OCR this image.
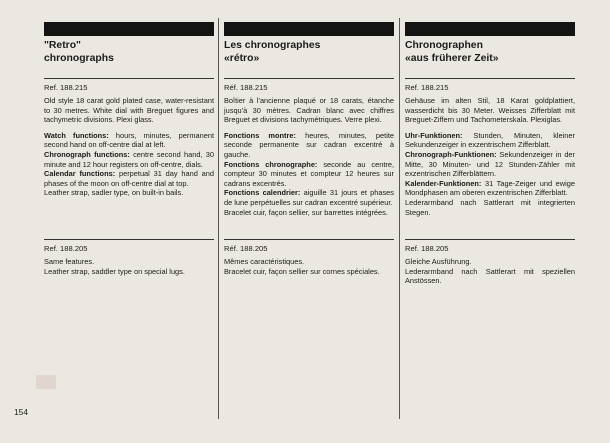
"Retro"
chronographs
Ref. 188.215

Old style 18 carat gold plated case, water-resistant to 30 metres. White dial with Breguet figures and tachymetric divisions. Plexi glass.

Watch functions: hours, minutes, permanent second hand on off-centre dial at left.
Chronograph functions: centre second hand, 30 minute and 12 hour registers on off-centre, dials.
Calendar functions: perpetual 31 day hand and phases of the moon on off-centre dial at top.
Leather strap, sadler type, on built-in bails.

Ref. 188.205

Same features.
Leather strap, saddler type on special lugs.

Les chronographes
«rétro»
Réf. 188.215

Boîtier à l'ancienne plaqué or 18 carats, étanche jusqu'à 30 mètres. Cadran blanc avec chiffres Breguet et divisions tachymétriques. Verre plexi.

Fonctions montre: heures, minutes, petite seconde permanente sur cadran excentré à gauche.
Fonctions chronographe: seconde au centre, compteur 30 minutes et compteur 12 heures sur cadrans excentrés.
Fonctions calendrier: aiguille 31 jours et phases de lune perpétuelles sur cadran excentré supérieur.
Bracelet cuir, façon sellier, sur barrettes intégrées.

Réf. 188.205

Mêmes caractéristiques.
Bracelet cuir, façon sellier sur cornes spéciales.

Chronographen
«aus früherer Zeit»
Ref. 188.215

Gehäuse im alten Stil, 18 Karat goldplattiert, wasserdicht bis 30 Meter. Weisses Zifferblatt mit Breguet-Ziffern und Tachometerskala. Plexiglas.

Uhr-Funktionen: Stunden, Minuten, kleiner Sekundenzeiger in exzentrischem Zifferblatt.
Chronograph-Funktionen: Sekundenzeiger in der Mitte, 30 Minuten- und 12 Stunden-Zähler mit exzentrischen Zifferblättern.
Kalender-Funktionen: 31 Tage-Zeiger und ewige Mondphasen am oberen exzentrischen Zifferblatt.
Lederarmband nach Sattlerart mit integrierten Stegen.

Ref. 188.205

Gleiche Ausführung.
Lederarmband nach Sattlerart mit speziellen Anstössen.

154
